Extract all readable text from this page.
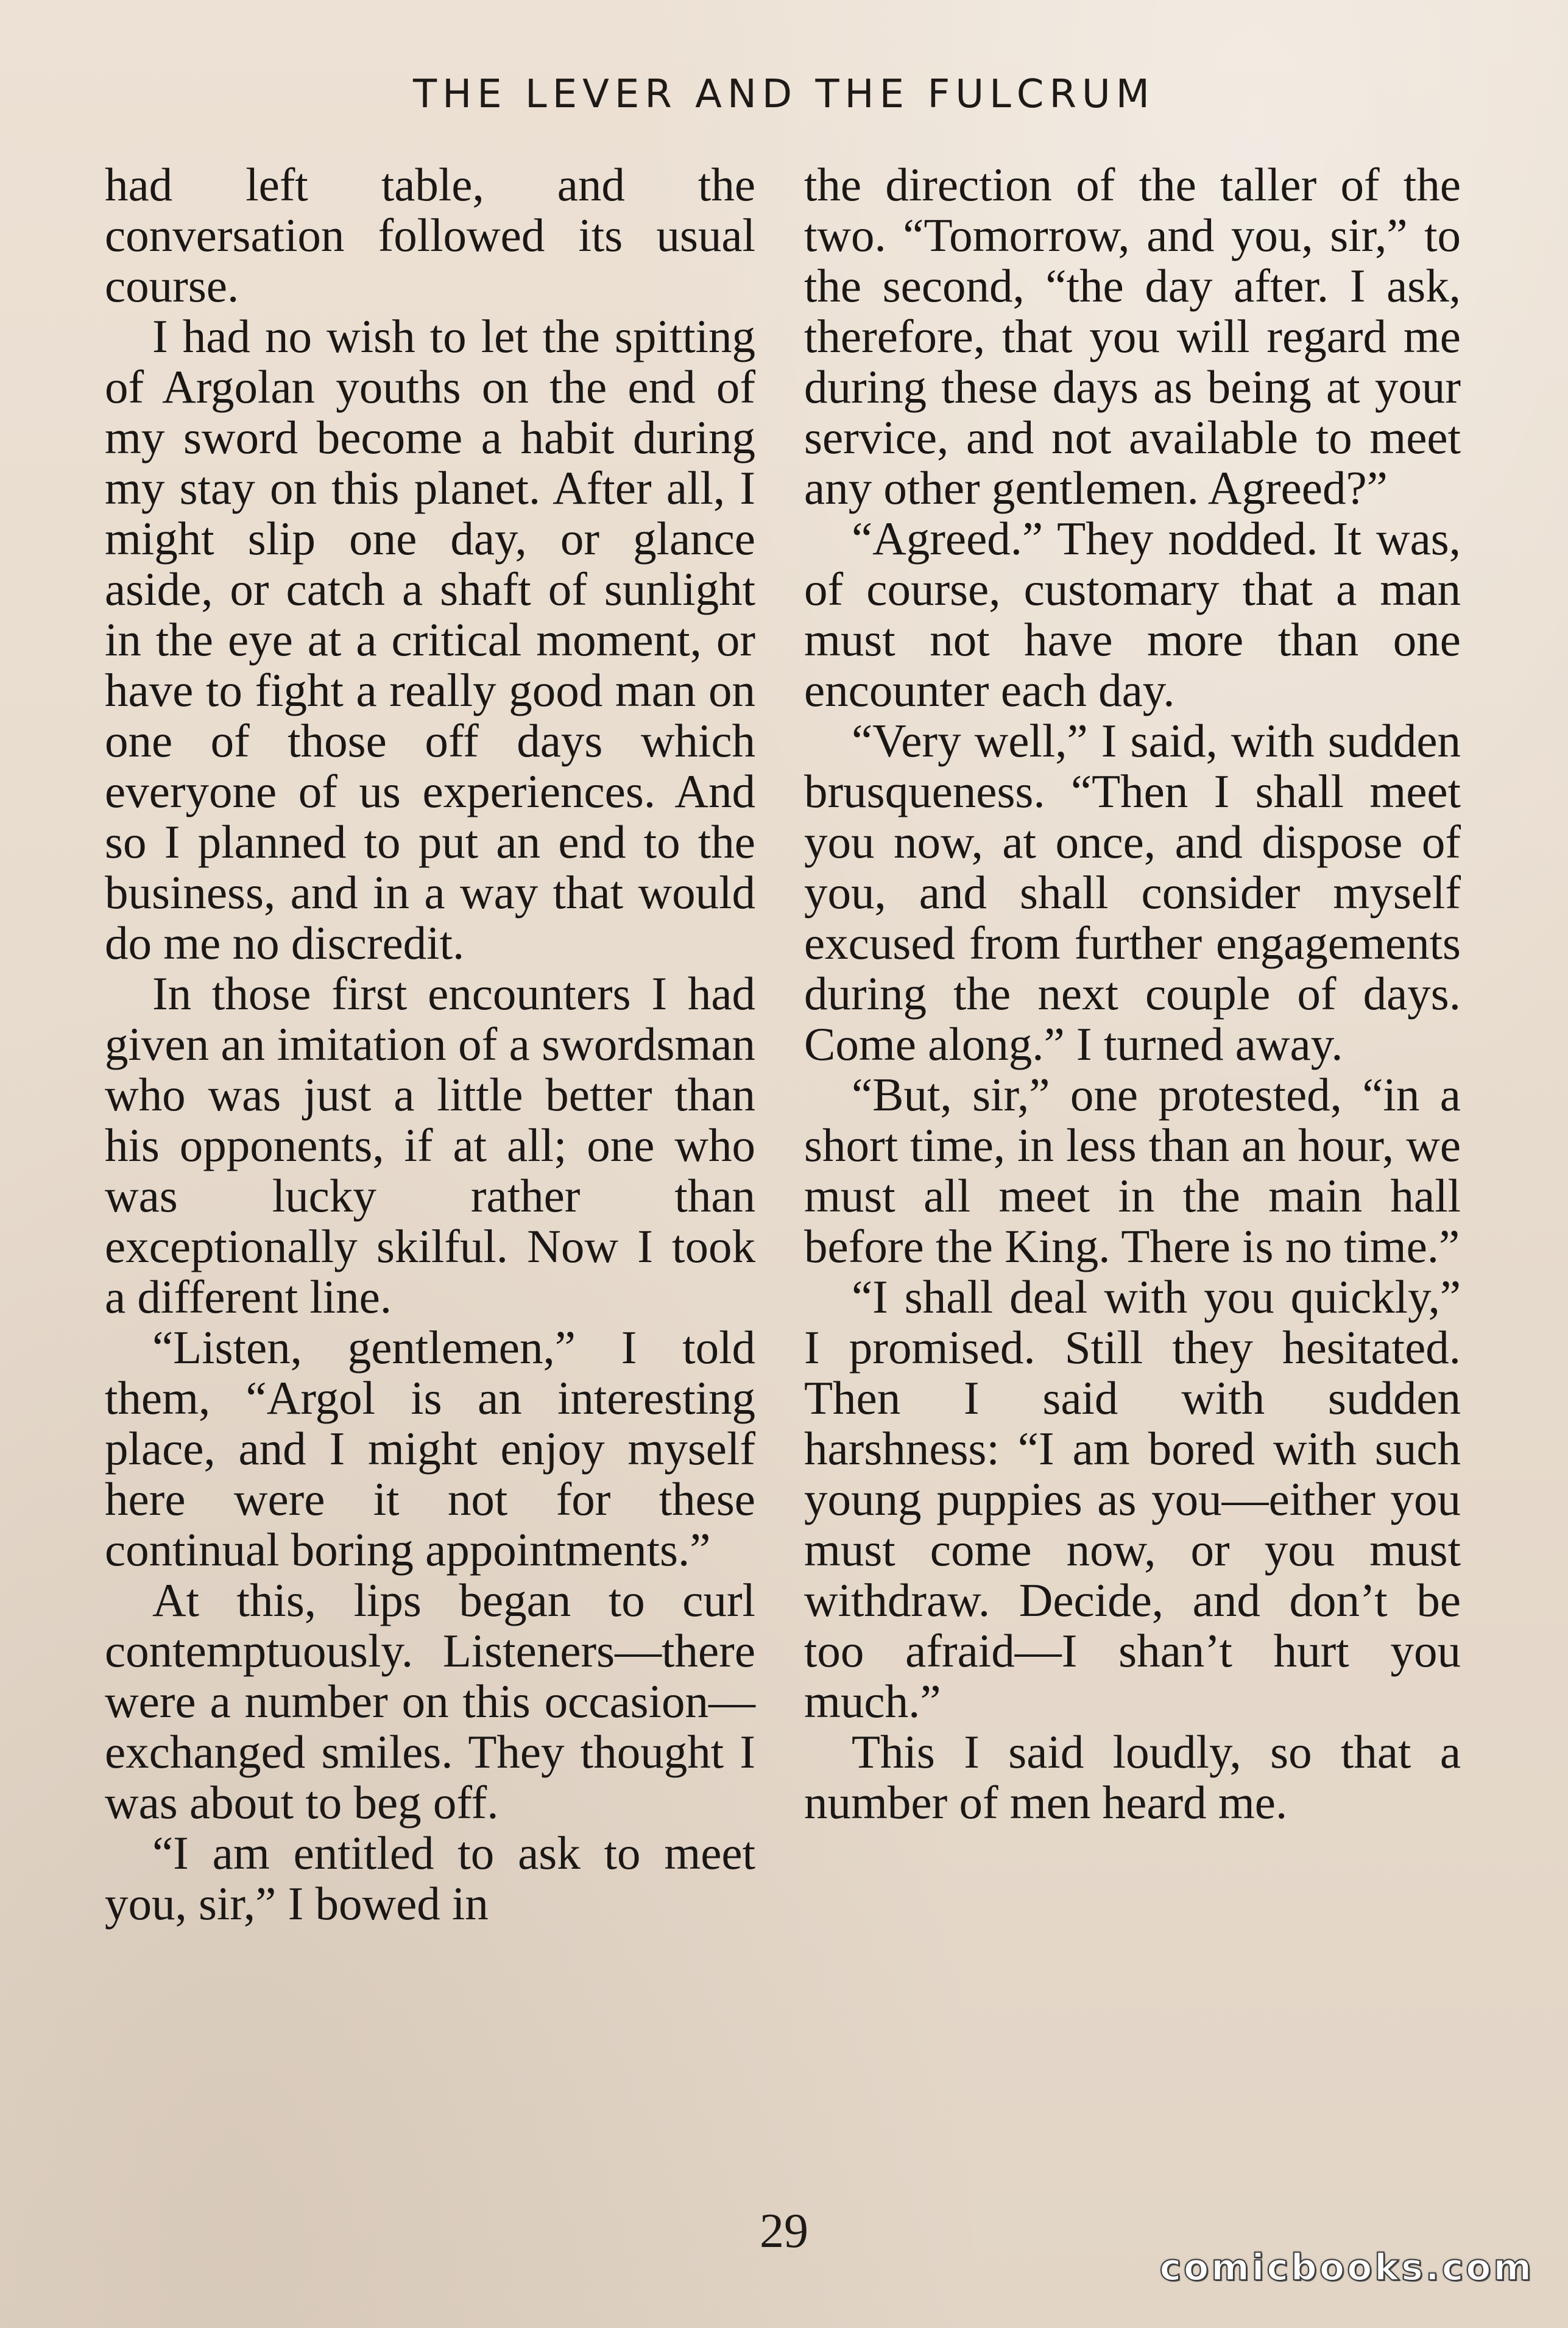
THE LEVER AND THE FULCRUM

had left table, and the conversation followed its usual course.

I had no wish to let the spitting of Argolan youths on the end of my sword become a habit during my stay on this planet. After all, I might slip one day, or glance aside, or catch a shaft of sunlight in the eye at a critical moment, or have to fight a really good man on one of those off days which everyone of us experiences. And so I planned to put an end to the business, and in a way that would do me no discredit.

In those first encounters I had given an imitation of a swordsman who was just a little better than his opponents, if at all; one who was lucky rather than exceptionally skilful. Now I took a different line.

“Listen, gentlemen,” I told them, “Argol is an interesting place, and I might enjoy myself here were it not for these continual boring appointments.”

At this, lips began to curl contemptuously. Listeners—there were a number on this occasion—exchanged smiles. They thought I was about to beg off.

“I am entitled to ask to meet you, sir,” I bowed in

the direction of the taller of the two. “Tomorrow, and you, sir,” to the second, “the day after. I ask, therefore, that you will regard me during these days as being at your service, and not available to meet any other gentlemen. Agreed?”

“Agreed.” They nodded. It was, of course, customary that a man must not have more than one encounter each day.

“Very well,” I said, with sudden brusqueness. “Then I shall meet you now, at once, and dispose of you, and shall consider myself excused from further engagements during the next couple of days. Come along.” I turned away.

“But, sir,” one protested, “in a short time, in less than an hour, we must all meet in the main hall before the King. There is no time.”

“I shall deal with you quickly,” I promised. Still they hesitated. Then I said with sudden harshness: “I am bored with such young puppies as you—either you must come now, or you must withdraw. Decide, and don’t be too afraid—I shan’t hurt you much.”

This I said loudly, so that a number of men heard me.

29
comicbooks.com
